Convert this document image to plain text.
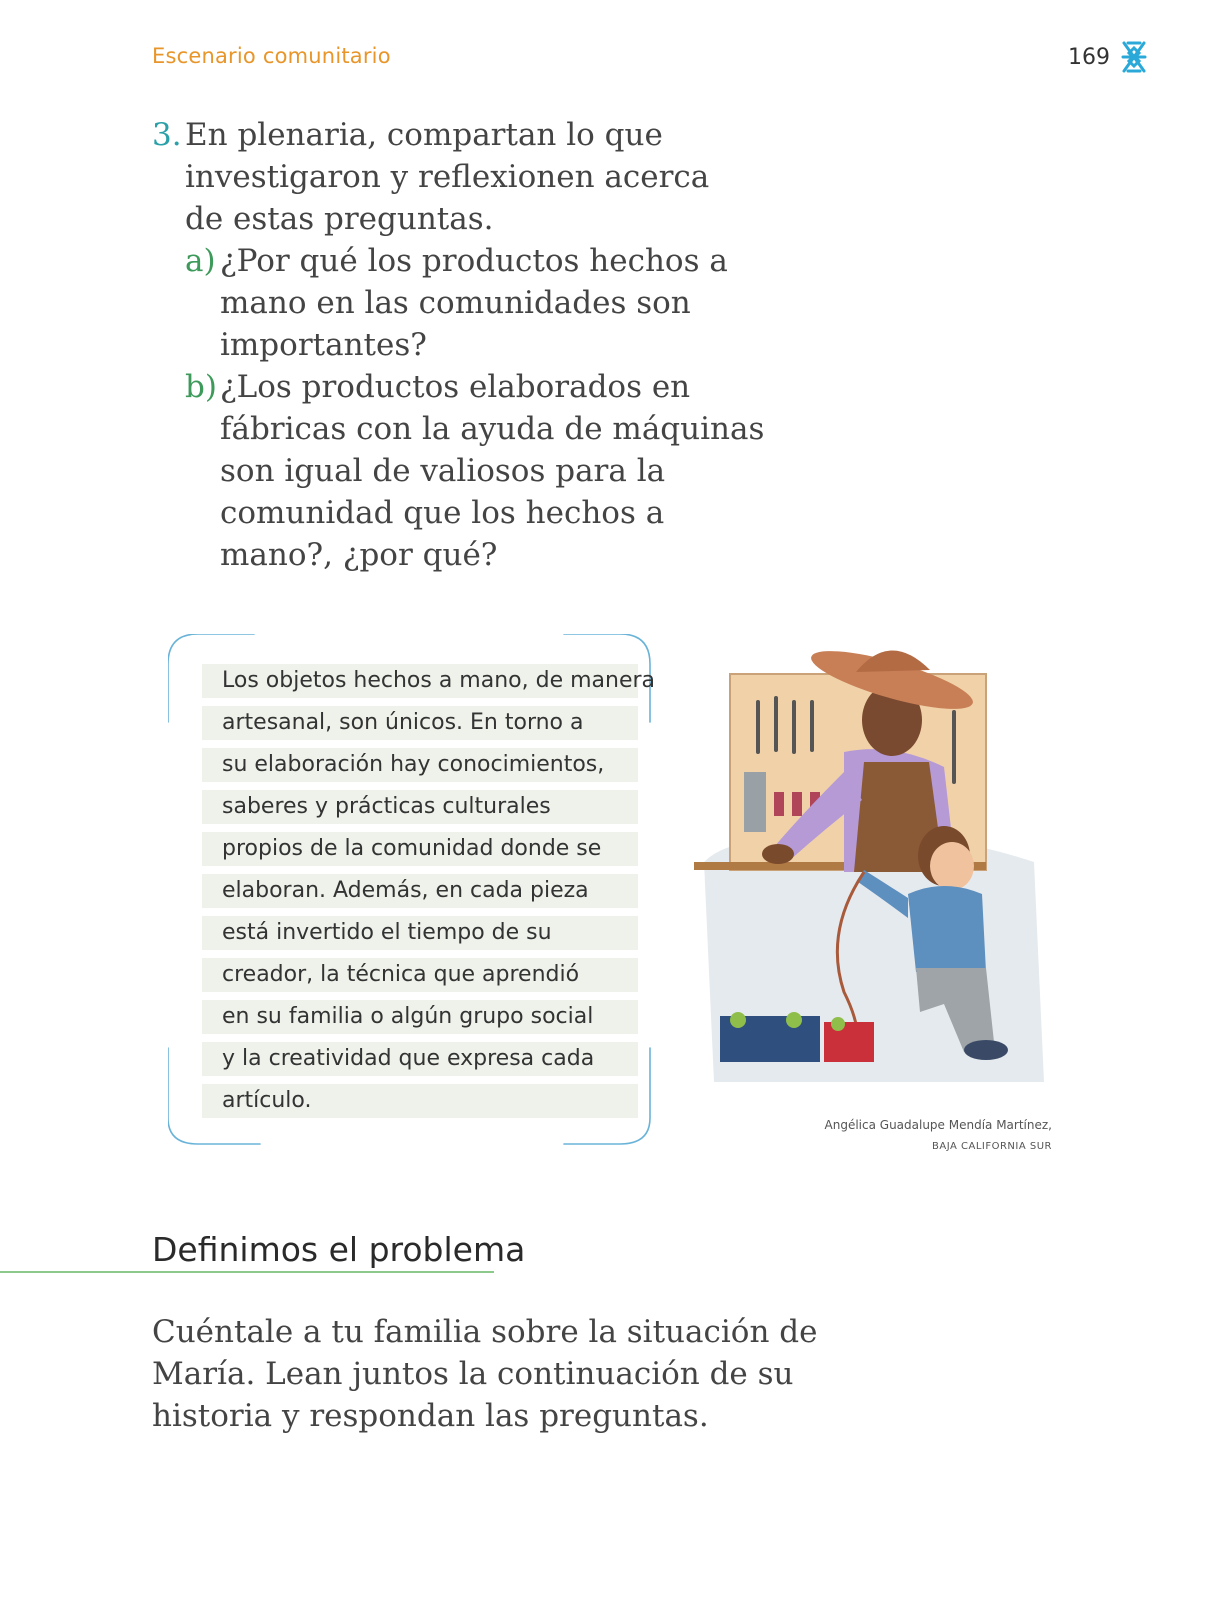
Escenario comunitario	169
3. En plenaria, compartan lo que
investigaron y reflexionen acerca
de estas preguntas.
a) ¿Por qué los productos hechos a
mano en las comunidades son
importantes?
b) ¿Los productos elaborados en
fábricas con la ayuda de máquinas
son igual de valiosos para la
comunidad que los hechos a
mano?, ¿por qué?
Los objetos hechos a mano, de manera
artesanal, son únicos. En torno a
su elaboración hay conocimientos,
saberes y prácticas culturales
propios de la comunidad donde se
elaboran. Además, en cada pieza
está invertido el tiempo de su
creador, la técnica que aprendió
en su familia o algún grupo social
y la creatividad que expresa cada
artículo.
Angélica Guadalupe Mendía Martínez,
BAJA CALIFORNIA SUR
Definimos el problema
Cuéntale a tu familia sobre la situación de
María. Lean juntos la continuación de su
historia y respondan las preguntas.
